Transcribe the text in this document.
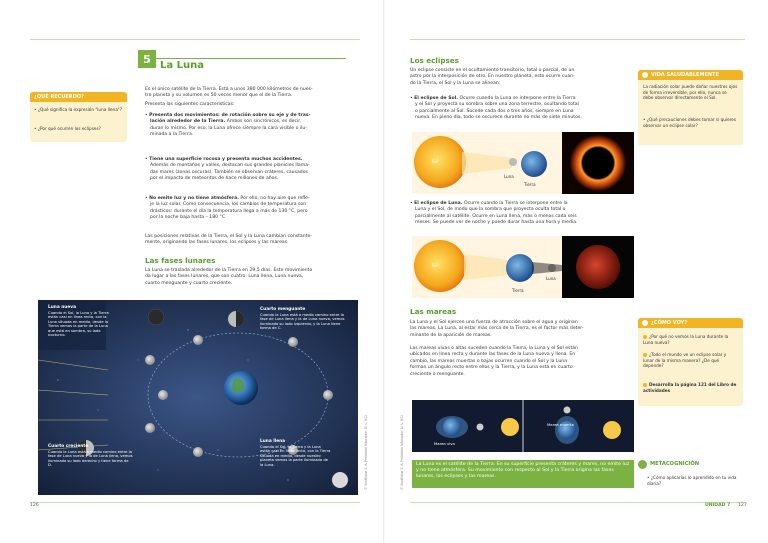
5 La Luna
¿QUÉ RECUERDO?
• ¿Qué significa la expresión "luna llena"?
• ¿Por qué ocurren los eclipses?
Es el único satélite de la Tierra. Está a unos 380 000 kilómetros de nues-
tro planeta y su volumen es 50 veces menor que el de la Tierra.
Presenta las siguientes características:
• Presenta dos movimientos: de rotación sobre su eje y de tras-
lación alrededor de la Tierra. Ambos son sincrónicos, es decir,
duran lo mismo. Por eso, la Luna ofrece siempre la cara visible o ilu-
minada a la Tierra.
• Tiene una superficie rocosa y presenta muchos accidentes.
Además de montañas y valles, destacan sus grandes planicies llama-
das mares (zonas oscuras). También se observan cráteres, causados
por el impacto de meteoritos de hace millones de años.
• No emite luz y no tiene atmósfera. Por ello, no hay aire que refle-
je la luz solar. Como consecuencia, los cambios de temperatura son
drásticos: durante el día la temperatura llega a más de 130 °C, pero
por la noche baja hasta – 180 °C.
Las posiciones relativas de la Tierra, el Sol y la Luna cambian constante-
mente, originando las fases lunares, los eclipses y las mareas.
Las fases lunares
La Luna se traslada alrededor de la Tierra en 29,5 días. Este movimiento
da lugar a las fases lunares, que son cuatro: Luna llena, Luna nueva,
cuarto menguante y cuarto creciente.
Luna nueva
Cuando el Sol, la Luna y la Tierra están casi en línea recta, con la Luna situada en medio, desde la Tierra vemos la parte de la Luna que está en sombra, su lado nocturno.
Cuarto menguante
Cuando la Luna está a medio camino entre la fase de Luna llena y la de Luna nueva, vemos iluminado su lado izquierdo, y la Luna tiene forma de C.
Cuarto creciente
Cuando la Luna está a medio camino entre la fase de Luna nueva y la de Luna llena, vemos iluminado su lado derecho y tiene forma de D.
Luna llena
Cuando el Sol, la Tierra y la Luna están casi en línea recta, con la Tierra situada en medio, desde nuestro planeta vemos la parte iluminada de la Luna.	© Santillana S. A. Prohibido fotocopiar. D. L. 822
126
Los eclipses
Un eclipse consiste en el ocultamiento transitorio, total o parcial, de un
astro por la interposición de otro. En nuestro planeta, esto ocurre cuan-
do la Tierra, el Sol y la Luna se alinean:
• El eclipse de Sol. Ocurre cuando la Luna se interpone entre la Tierra
y el Sol y proyecta su sombra sobre una zona terrestre, ocultando total
o parcialmente al Sol. Sucede cada dos o tres años, siempre en Luna
nueva. En pleno día, todo se oscurece durante no más de siete minutos.
Sol
Luna
Tierra
• El eclipse de Luna. Ocurre cuando la Tierra se interpone entre la
Luna y el Sol, de modo que la sombra que proyecta oculta total o
parcialmente al satélite. Ocurre en Luna llena, más o menos cada seis
meses. Se puede ver de noche y puede durar hasta una hora y media.
Sol
Tierra
Luna
Las mareas
La Luna y el Sol ejercen una fuerza de atracción sobre el agua y originan
las mareas. La Luna, al estar más cerca de la Tierra, es el factor más deter-
minante de la aparición de mareas.
Las mareas vivas o altas suceden cuando la Tierra, la Luna y el Sol están
ubicados en línea recta y durante las fases de la Luna nueva y llena. En
cambio, las mareas muertas o bajas ocurren cuando el Sol y la Luna
forman un ángulo recto entre ellos y la Tierra, y la Luna está en cuarto
creciente o menguante.
Marea viva
Marea muerta
La Luna es el satélite de la Tierra. En su superficie presenta cráteres y mares, no emite luz y no tiene atmósfera. Su movimiento con respecto al Sol y la Tierra origina las fases lunares, los eclipses y las mareas.
VIDA SALUDABLEMENTE
La radiación solar puede dañar nuestros ojos de forma irreversible, por ello, nunca se debe observar directamente el Sol.
• ¿Qué precauciones debes tomar si quieres observar un eclipse solar?
¿CÓMO VOY?
¿Por qué no vemos la Luna durante la Luna nueva?
¿Todo el mundo ve un eclipse solar y lunar de la misma manera? ¿De qué depende?
Desarrolla la página 121 del Libro de actividades
METACOGNICIÓN
• ¿Cómo aplicarías lo aprendido en tu vida diaria?
© Santillana S. A. Prohibido fotocopiar. D. L. 822
UNIDAD 7 127
